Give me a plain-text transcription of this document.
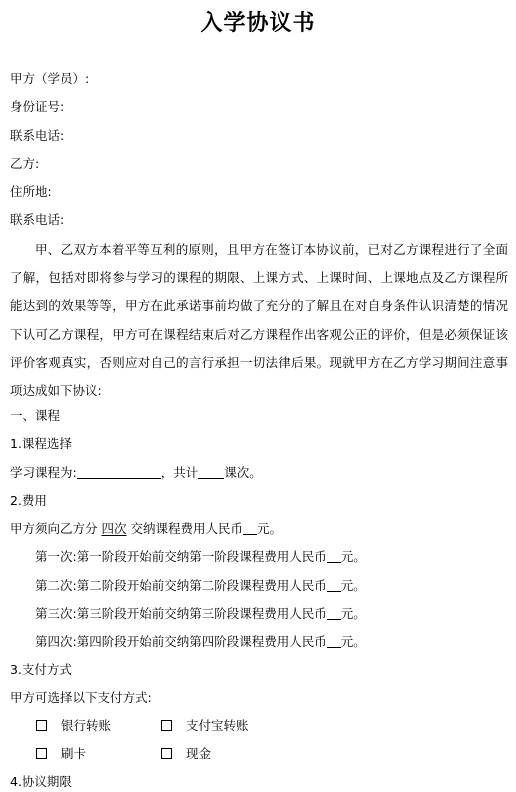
入学协议书
甲方（学员）:
身份证号:
联系电话:
乙方:
住所地:
联系电话:
甲、乙双方本着平等互利的原则，且甲方在签订本协议前，已对乙方课程进行了全面了解，包括对即将参与学习的课程的期限、上课方式、上课时间、上课地点及乙方课程所能达到的效果等等，甲方在此承诺事前均做了充分的了解且在对自身条件认识清楚的情况下认可乙方课程，甲方可在课程结束后对乙方课程作出客观公正的评价，但是必须保证该评价客观真实，否则应对自己的言行承担一切法律后果。现就甲方在乙方学习期间注意事项达成如下协议:
一、课程
1.课程选择
学习课程为:	，共计 课次。
2.费用
甲方须向乙方分 四次 交纳课程费用人民币 元。
第一次:第一阶段开始前交纳第一阶段课程费用人民币 元。
第二次:第二阶段开始前交纳第二阶段课程费用人民币 元。
第三次:第三阶段开始前交纳第三阶段课程费用人民币 元。
第四次:第四阶段开始前交纳第四阶段课程费用人民币 元。
3.支付方式
甲方可选择以下支付方式:
银行转账	支付宝转账
刷卡	现金
4.协议期限
